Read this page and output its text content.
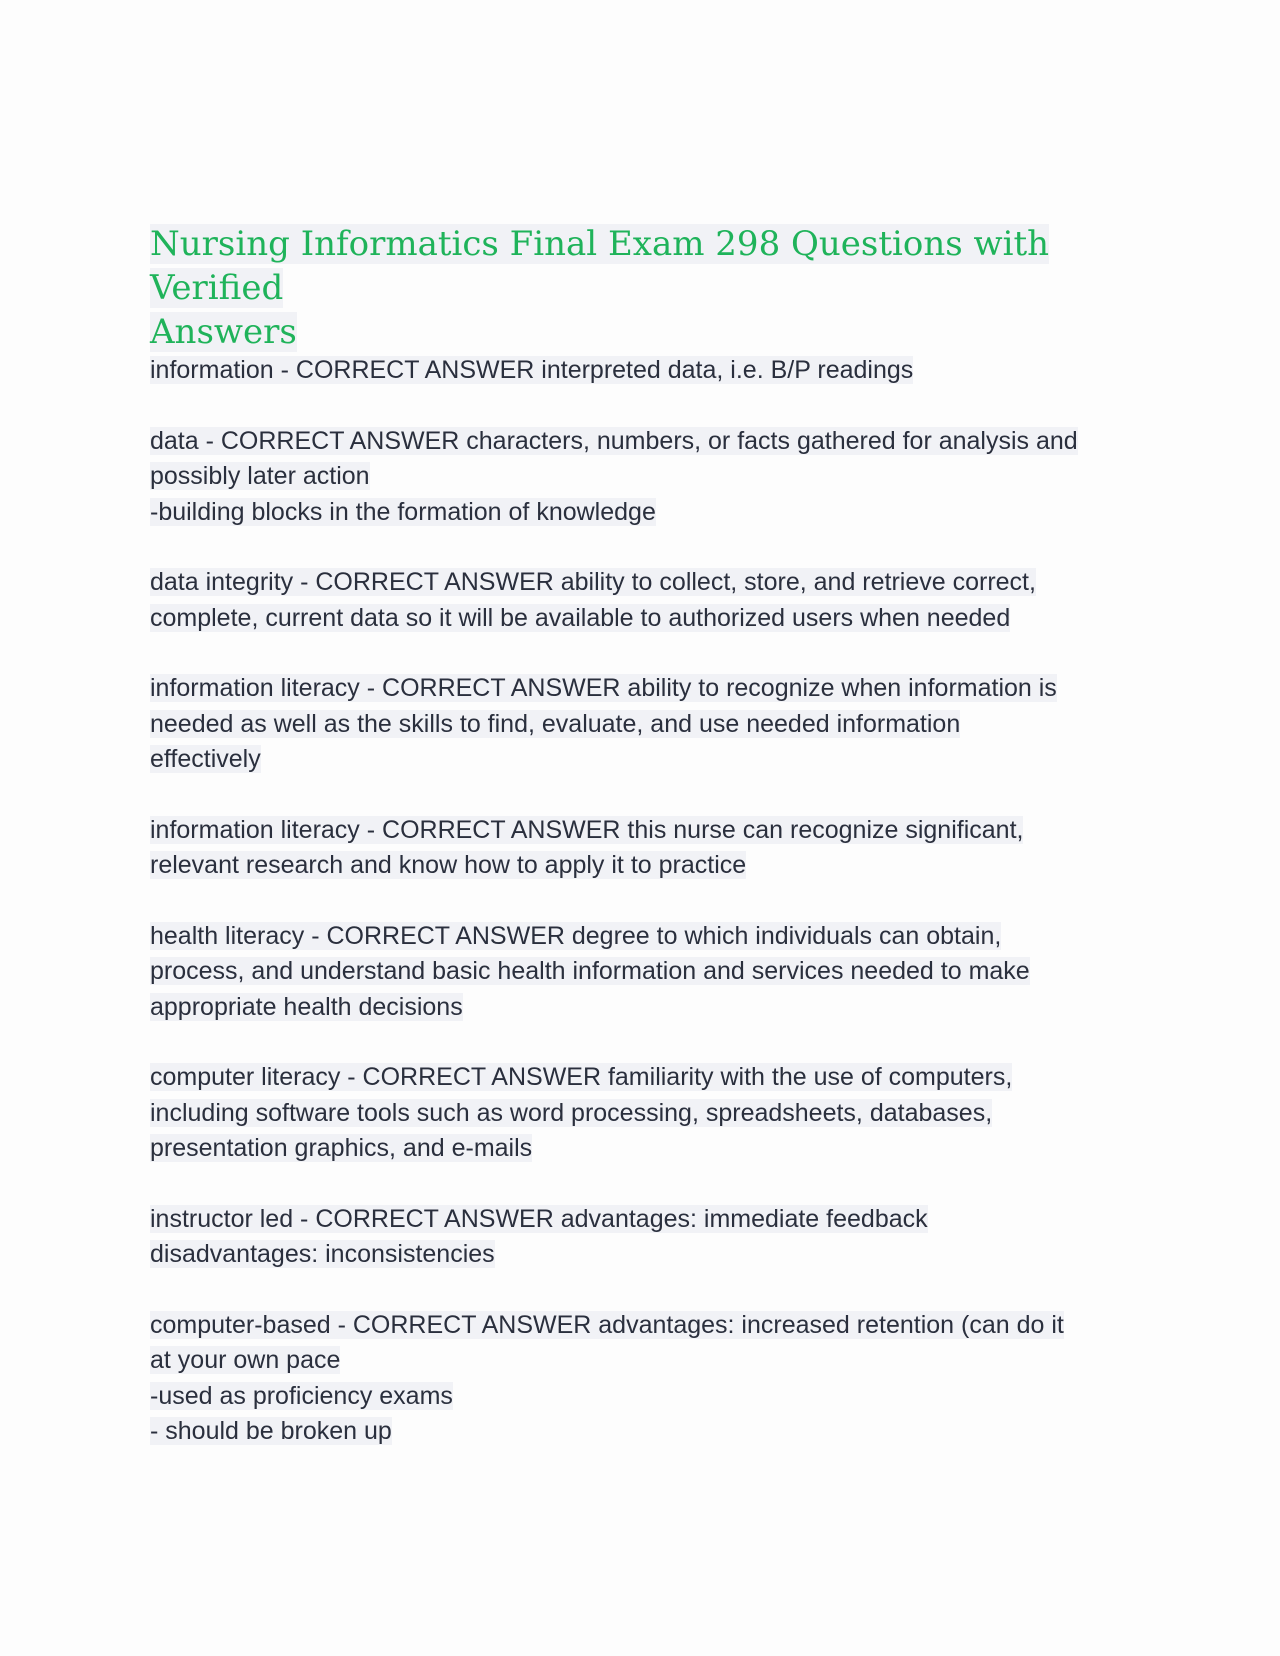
Nursing Informatics Final Exam 298 Questions with Verified
Answers
information - CORRECT ANSWER interpreted data, i.e. B/P readings
data - CORRECT ANSWER characters, numbers, or facts gathered for analysis and
possibly later action
-building blocks in the formation of knowledge
data integrity - CORRECT ANSWER ability to collect, store, and retrieve correct,
complete, current data so it will be available to authorized users when needed
information literacy - CORRECT ANSWER ability to recognize when information is
needed as well as the skills to find, evaluate, and use needed information
effectively
information literacy - CORRECT ANSWER this nurse can recognize significant,
relevant research and know how to apply it to practice
health literacy - CORRECT ANSWER degree to which individuals can obtain,
process, and understand basic health information and services needed to make
appropriate health decisions
computer literacy - CORRECT ANSWER familiarity with the use of computers,
including software tools such as word processing, spreadsheets, databases,
presentation graphics, and e-mails
instructor led - CORRECT ANSWER advantages: immediate feedback
disadvantages: inconsistencies
computer-based - CORRECT ANSWER advantages: increased retention (can do it
at your own pace
-used as proficiency exams
- should be broken up
